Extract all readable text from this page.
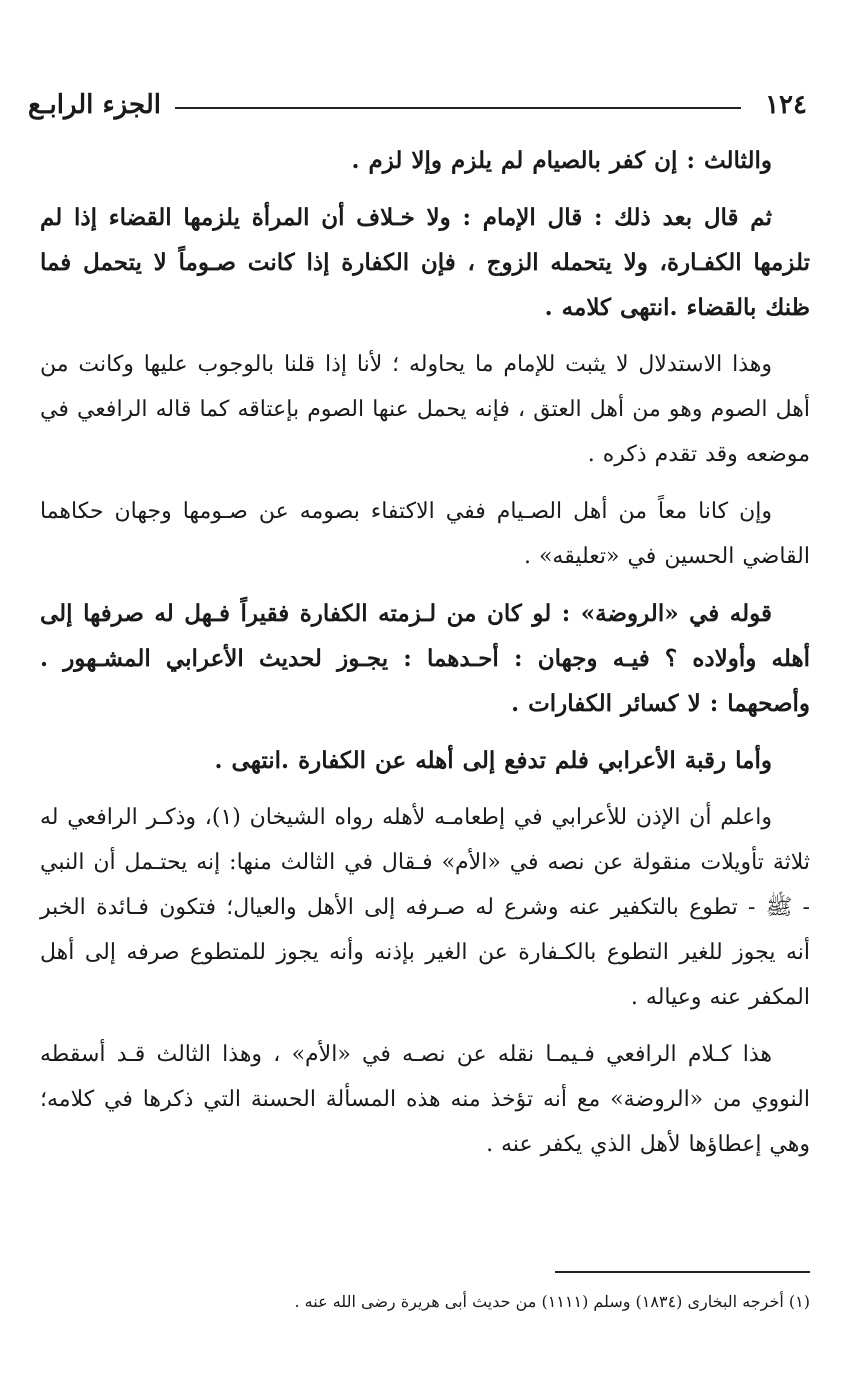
١٢٤
الجزء الرابـع

والثالث : إن كفر بالصيام لم يلزم وإلا لزم .

ثم قال بعد ذلك : قال الإمام : ولا خـلاف أن المرأة يلزمها القضاء إذا لم تلزمها الكفـارة، ولا يتحمله الزوج ، فإن الكفارة إذا كانت صـوماً لا يتحمل فما ظنك بالقضاء .انتهى كلامه .

وهذا الاستدلال لا يثبت للإمام ما يحاوله ؛ لأنا إذا قلنا بالوجوب عليها وكانت من أهل الصوم وهو من أهل العتق ، فإنه يحمل عنها الصوم بإعتاقه كما قاله الرافعي في موضعه وقد تقدم ذكره .

وإن كانا معاً من أهل الصـيام ففي الاكتفاء بصومه عن صـومها وجهان حكاهما القاضي الحسين في «تعليقه» .

قوله في «الروضة» : لو كان من لـزمته الكفارة فقيراً فـهل له صرفها إلى أهله وأولاده ؟ فيـه وجهان : أحـدهما : يجـوز لحديث الأعرابي المشـهور . وأصحهما : لا كسائر الكفارات .

وأما رقبة الأعرابي فلم تدفع إلى أهله عن الكفارة .انتهى .

واعلم أن الإذن للأعرابي في إطعامـه لأهله رواه الشيخان (١)، وذكـر الرافعي له ثلاثة تأويلات منقولة عن نصه في «الأم» فـقال في الثالث منها: إنه يحتـمل أن النبي - ﷺ - تطوع بالتكفير عنه وشرع له صـرفه إلى الأهل والعيال؛ فتكون فـائدة الخبر أنه يجوز للغير التطوع بالكـفارة عن الغير بإذنه وأنه يجوز للمتطوع صرفه إلى أهل المكفر عنه وعياله .

هذا كـلام الرافعي فـيمـا نقله عن نصـه في «الأم» ، وهذا الثالث قـد أسقطه النووي من «الروضة» مع أنه تؤخذ منه هذه المسألة الحسنة التي ذكرها في كلامه؛ وهي إعطاؤها لأهل الذي يكفر عنه .

(١) أخرجه البخارى (١٨٣٤) وسلم (١١١١) من حديث أبى هريرة رضى الله عنه .
